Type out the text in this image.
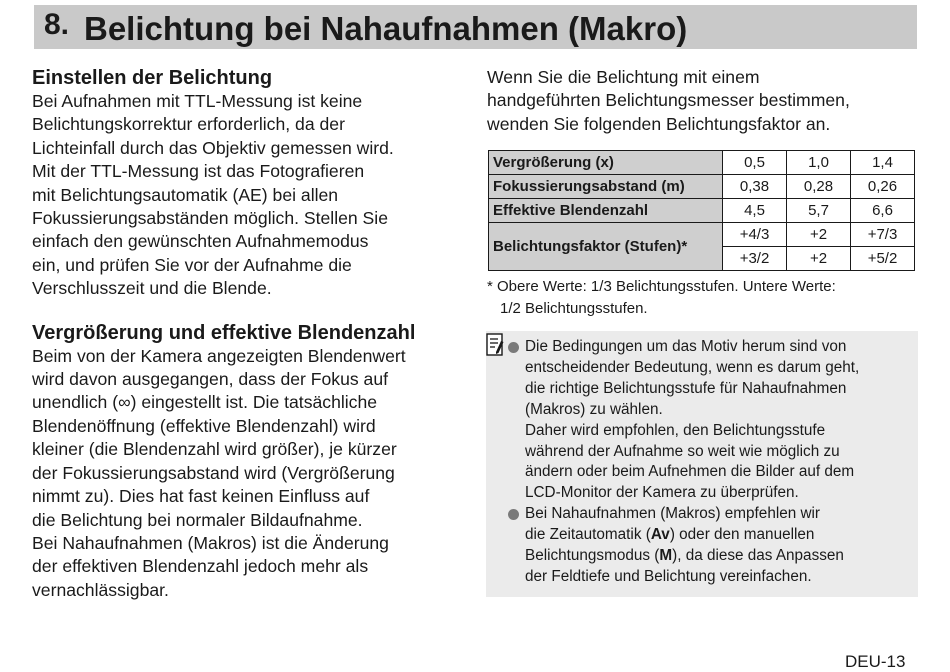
8. Belichtung bei Nahaufnahmen (Makro)
Einstellen der Belichtung

Bei Aufnahmen mit TTL-Messung ist keine
Belichtungskorrektur erforderlich, da der
Lichteinfall durch das Objektiv gemessen wird.
Mit der TTL-Messung ist das Fotografieren
mit Belichtungsautomatik (AE) bei allen
Fokussierungsabständen möglich. Stellen Sie
einfach den gewünschten Aufnahmemodus
ein, und prüfen Sie vor der Aufnahme die
Verschlusszeit und die Blende.

Vergrößerung und effektive Blendenzahl

Beim von der Kamera angezeigten Blendenwert
wird davon ausgegangen, dass der Fokus auf
unendlich (∞) eingestellt ist. Die tatsächliche
Blendenöffnung (effektive Blendenzahl) wird
kleiner (die Blendenzahl wird größer), je kürzer
der Fokussierungsabstand wird (Vergrößerung
nimmt zu). Dies hat fast keinen Einfluss auf
die Belichtung bei normaler Bildaufnahme.
Bei Nahaufnahmen (Makros) ist die Änderung
der effektiven Blendenzahl jedoch mehr als
vernachlässigbar.

Wenn Sie die Belichtung mit einem
handgeführten Belichtungsmesser bestimmen,
wenden Sie folgenden Belichtungsfaktor an.

Vergrößerung (x)	0,5	1,0	1,4
Fokussierungsabstand (m)	0,38	0,28	0,26
Effektive Blendenzahl	4,5	5,7	6,6
Belichtungsfaktor (Stufen)*	+4/3	+2	+7/3
	+3/2	+2	+5/2
* Obere Werte: 1/3 Belichtungsstufen. Untere Werte:
1/2 Belichtungsstufen.
Die Bedingungen um das Motiv herum sind von
entscheidender Bedeutung, wenn es darum geht,
die richtige Belichtungsstufe für Nahaufnahmen
(Makros) zu wählen.
Daher wird empfohlen, den Belichtungsstufe
während der Aufnahme so weit wie möglich zu
ändern oder beim Aufnehmen die Bilder auf dem
LCD-Monitor der Kamera zu überprüfen.
Bei Nahaufnahmen (Makros) empfehlen wir
die Zeitautomatik (Av) oder den manuellen
Belichtungsmodus (M), da diese das Anpassen
der Feldtiefe und Belichtung vereinfachen.
DEU-13
